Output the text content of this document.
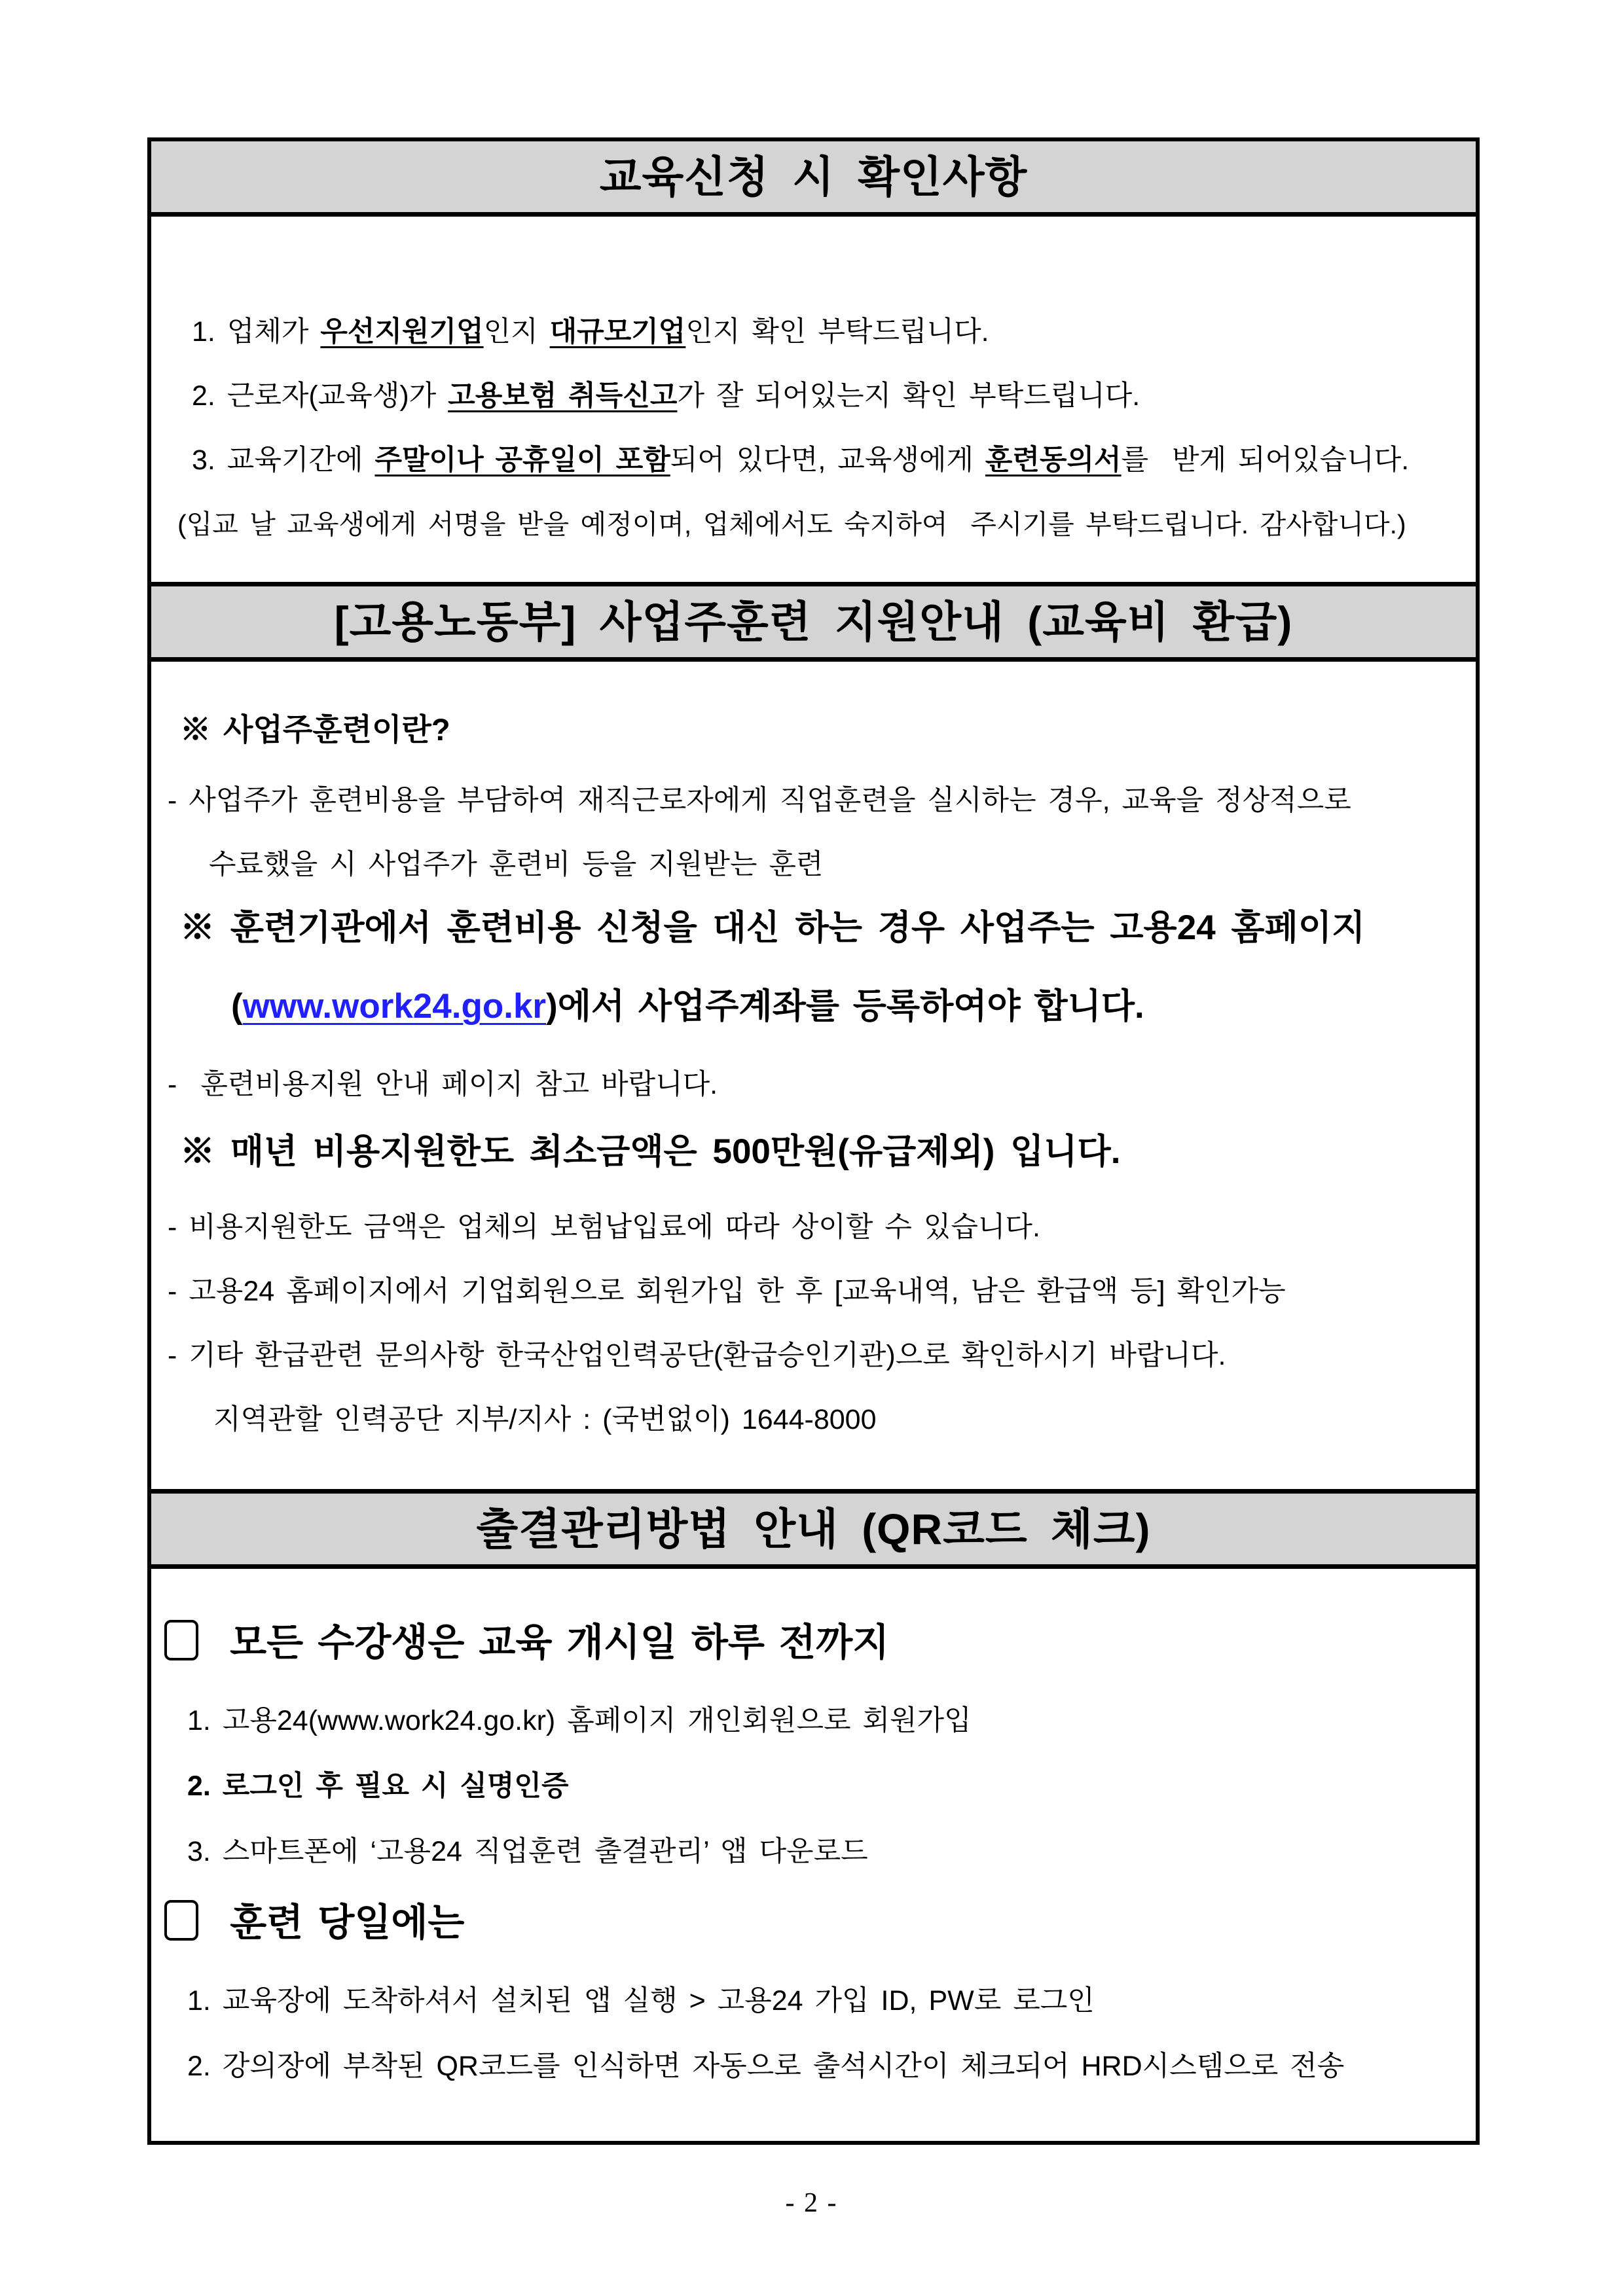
교육신청 시 확인사항
1. 업체가 우선지원기업인지 대규모기업인지 확인 부탁드립니다.
2. 근로자(교육생)가 고용보험 취득신고가 잘 되어있는지 확인 부탁드립니다.
3. 교육기간에 주말이나 공휴일이 포함되어 있다면, 교육생에게 훈련동의서를  받게 되어있습니다.
(입교 날 교육생에게 서명을 받을 예정이며, 업체에서도 숙지하여  주시기를 부탁드립니다. 감사합니다.)
[고용노동부] 사업주훈련 지원안내 (교육비 환급)
※ 사업주훈련이란?
- 사업주가 훈련비용을 부담하여 재직근로자에게 직업훈련을 실시하는 경우, 교육을 정상적으로
수료했을 시 사업주가 훈련비 등을 지원받는 훈련
※ 훈련기관에서 훈련비용 신청을 대신 하는 경우 사업주는 고용24 홈페이지
(www.work24.go.kr)에서 사업주계좌를 등록하여야 합니다.
-  훈련비용지원 안내 페이지 참고 바랍니다.
※ 매년 비용지원한도 최소금액은 500만원(유급제외) 입니다.
- 비용지원한도 금액은 업체의 보험납입료에 따라 상이할 수 있습니다.
- 고용24 홈페이지에서 기업회원으로 회원가입 한 후 [교육내역, 남은 환급액 등] 확인가능
- 기타 환급관련 문의사항 한국산업인력공단(환급승인기관)으로 확인하시기 바랍니다.
지역관할 인력공단 지부/지사 : (국번없이) 1644-8000
출결관리방법 안내 (QR코드 체크)
모든 수강생은 교육 개시일 하루 전까지
1. 고용24(www.work24.go.kr) 홈페이지 개인회원으로 회원가입
2. 로그인 후 필요 시 실명인증
3. 스마트폰에 ‘고용24 직업훈련 출결관리’ 앱 다운로드
훈련 당일에는
1. 교육장에 도착하셔서 설치된 앱 실행 > 고용24 가입 ID, PW로 로그인
2. 강의장에 부착된 QR코드를 인식하면 자동으로 출석시간이 체크되어 HRD시스템으로 전송
- 2 -
